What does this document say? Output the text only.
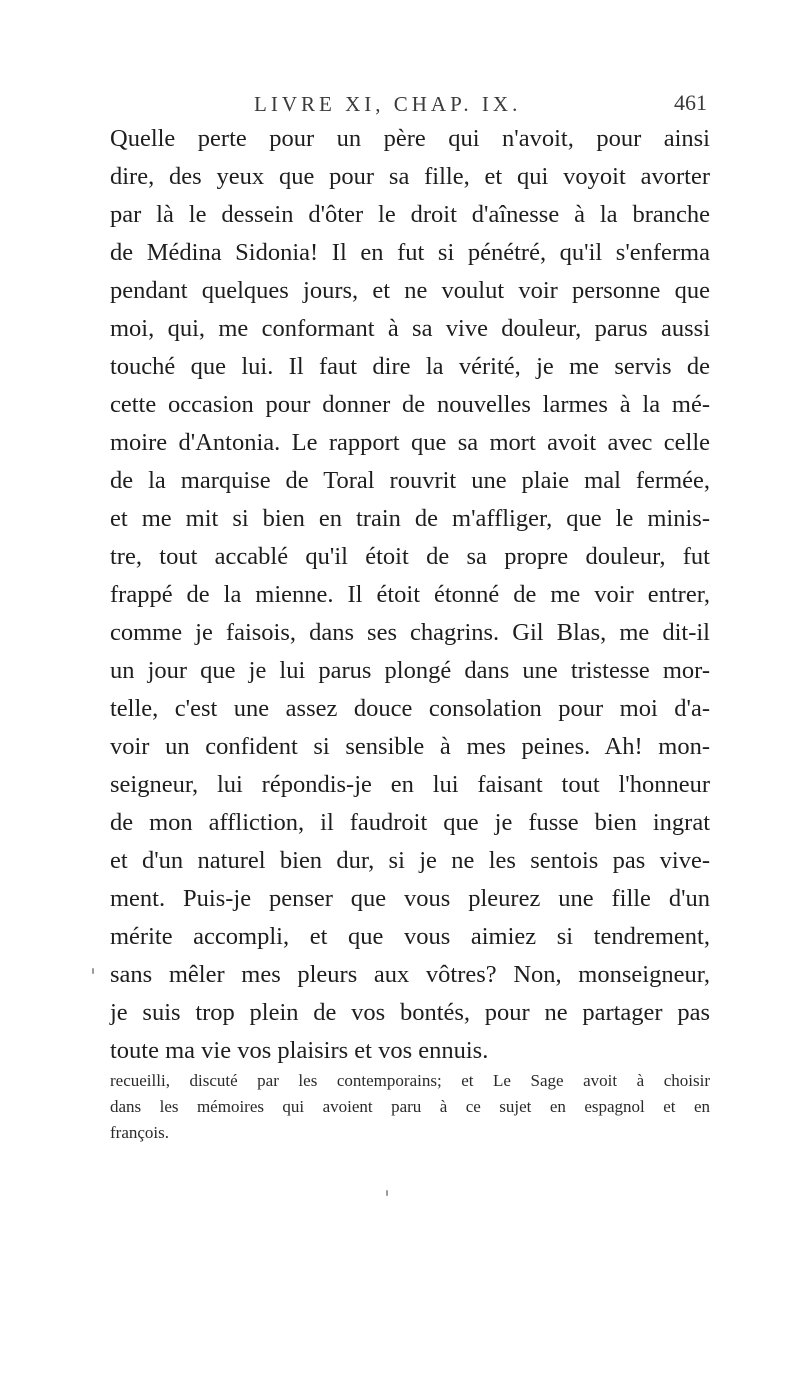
LIVRE XI, CHAP. IX.	461
Quelle perte pour un père qui n'avoit, pour ainsi
dire, des yeux que pour sa fille, et qui voyoit avorter
par là le dessein d'ôter le droit d'aînesse à la branche
de Médina Sidonia! Il en fut si pénétré, qu'il s'enferma
pendant quelques jours, et ne voulut voir personne que
moi, qui, me conformant à sa vive douleur, parus aussi
touché que lui. Il faut dire la vérité, je me servis de
cette occasion pour donner de nouvelles larmes à la mé-
moire d'Antonia. Le rapport que sa mort avoit avec celle
de la marquise de Toral rouvrit une plaie mal fermée,
et me mit si bien en train de m'affliger, que le minis-
tre, tout accablé qu'il étoit de sa propre douleur, fut
frappé de la mienne. Il étoit étonné de me voir entrer,
comme je faisois, dans ses chagrins. Gil Blas, me dit-il
un jour que je lui parus plongé dans une tristesse mor-
telle, c'est une assez douce consolation pour moi d'a-
voir un confident si sensible à mes peines. Ah! mon-
seigneur, lui répondis-je en lui faisant tout l'honneur
de mon affliction, il faudroit que je fusse bien ingrat
et d'un naturel bien dur, si je ne les sentois pas vive-
ment. Puis-je penser que vous pleurez une fille d'un
mérite accompli, et que vous aimiez si tendrement,
sans mêler mes pleurs aux vôtres? Non, monseigneur,
je suis trop plein de vos bontés, pour ne partager pas
toute ma vie vos plaisirs et vos ennuis.
recueilli, discuté par les contemporains; et Le Sage avoit à choisir
dans les mémoires qui avoient paru à ce sujet en espagnol et en
françois.
